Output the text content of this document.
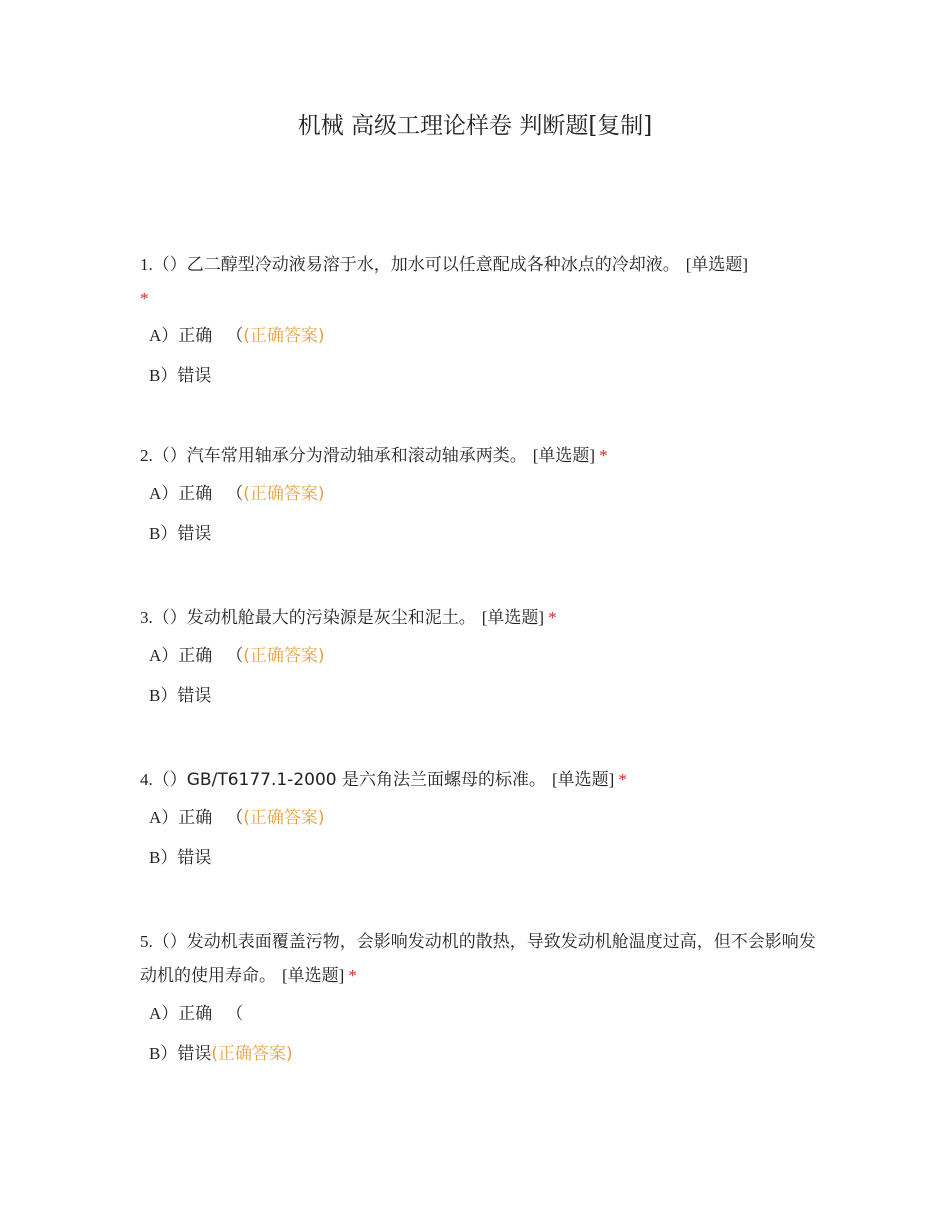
机械 高级工理论样卷 判断题[复制]
1.（）乙二醇型冷动液易溶于水，加水可以任意配成各种冰点的冷却液。 [单选题]
*
A）正确 （(正确答案)
B）错误
2.（）汽车常用轴承分为滑动轴承和滚动轴承两类。 [单选题] *
A）正确 （(正确答案)
B）错误
3.（）发动机舱最大的污染源是灰尘和泥土。 [单选题] *
A）正确 （(正确答案)
B）错误
4.（）GB/T6177.1-2000 是六角法兰面螺母的标准。 [单选题] *
A）正确 （(正确答案)
B）错误
5.（）发动机表面覆盖污物，会影响发动机的散热，导致发动机舱温度过高，但不会影响发动机的使用寿命。 [单选题] *
A）正确 （
B）错误(正确答案)
